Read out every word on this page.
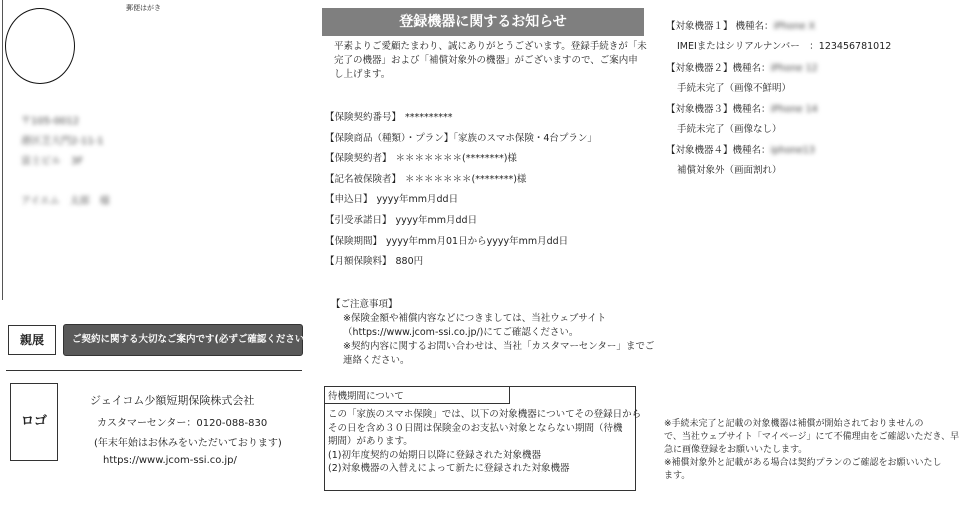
郵便はがき
〒105-0012
港区芝大門2-11-1
富士ビル　3F
アイエム　太郎　様
親展	ご契約に関する大切なご案内です(必ずご確認ください)
ロゴ
ジェイコム少額短期保険株式会社
カスタマーセンター：0120-088-830
(年末年始はお休みをいただいております)
https://www.jcom-ssi.co.jp/
登録機器に関するお知らせ

平素よりご愛顧たまわり、誠にありがとうございます。登録手続きが「未

完了の機器」および「補償対象外の機器」がございますので、ご案内申

し上げます。

【保険契約番号】 **********

【保険商品（種類）・プラン】「家族のスマホ保険・4台プラン」

【保険契約者】 ＊＊＊＊＊＊＊(********)様

【記名被保険者】 ＊＊＊＊＊＊＊(********)様

【申込日】 yyyy年mm月dd日

【引受承諾日】 yyyy年mm月dd日

【保険期間】 yyyy年mm月01日からyyyy年mm月dd日

【月額保険料】 880円

【ご注意事項】

※保険金額や補償内容などにつきましては、当社ウェブサイト

（https://www.jcom-ssi.co.jp/)にてご確認ください。

※契約内容に関するお問い合わせは、当社「カスタマーセンター」までご

連絡ください。

待機期間について

この「家族のスマホ保険」では、以下の対象機器についてその登録日から

その日を含め３０日間は保険金のお支払い対象とならない期間（待機

期間）があります。

(1)初年度契約の始期日以降に登録された対象機器

(2)対象機器の入替えによって新たに登録された対象機器

【対象機器１】 機種名：iPhone X

IMEIまたはシリアルナンバー　：123456781012

【対象機器２】機種名：iPhone 12

手続未完了（画像不鮮明）

【対象機器３】機種名：iPhone 14

手続未完了（画像なし）

【対象機器４】機種名：iphone13

補償対象外（画面割れ）

※手続未完了と記載の対象機器は補償が開始されておりませんの

で、当社ウェブサイト「マイページ」にて不備理由をご確認いただき、早

急に画像登録をお願いいたします。

※補償対象外と記載がある場合は契約プランのご確認をお願いいたし

ます。
